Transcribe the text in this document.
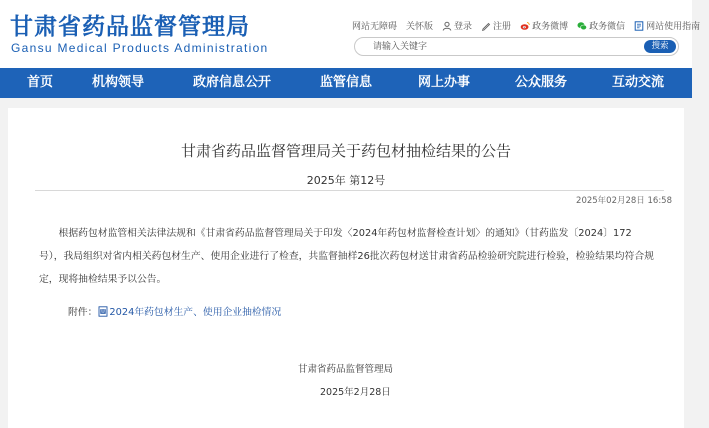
甘肃省药品监督管理局
Gansu Medical Products Administration
网站无障碍 关怀版 登录 注册 政务微博 政务微信 网站使用指南
请输入关键字
搜索
首页	机构领导	政府信息公开	监管信息	网上办事	公众服务	互动交流
甘肃省药品监督管理局关于药包材抽检结果的公告
2025年 第12号
2025年02月28日 16:58

根据药包材监管相关法律法规和《甘肃省药品监督管理局关于印发〈2024年药包材监督检查计划〉的通知》（甘药监发〔2024〕172号），我局组织对省内相关药包材生产、使用企业进行了检查，共监督抽样26批次药包材送甘肃省药品检验研究院进行检验，检验结果均符合规定，现将抽检结果予以公告。

附件： W 2024年药包材生产、使用企业抽检情况
甘肃省药品监督管理局
2025年2月28日
